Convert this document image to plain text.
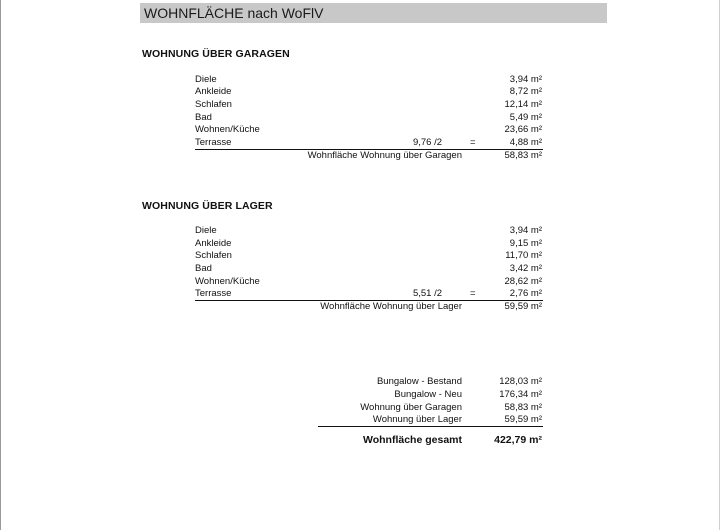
WOHNFLÄCHE nach WoFlV
WOHNUNG ÜBER GARAGEN
Diele	3,94 m²
Ankleide	8,72 m²
Schlafen	12,14 m²
Bad	5,49 m²
Wohnen/Küche	23,66 m²
Terrasse	9,76 /2	=	4,88 m²
Wohnfläche Wohnung über Garagen	58,83 m²
WOHNUNG ÜBER LAGER
Diele	3,94 m²
Ankleide	9,15 m²
Schlafen	11,70 m²
Bad	3,42 m²
Wohnen/Küche	28,62 m²
Terrasse	5,51 /2	=	2,76 m²
Wohnfläche Wohnung über Lager	59,59 m²
Bungalow - Bestand	128,03 m²
Bungalow - Neu	176,34 m²
Wohnung über Garagen	58,83 m²
Wohnung über Lager	59,59 m²
Wohnfläche gesamt	422,79 m²
